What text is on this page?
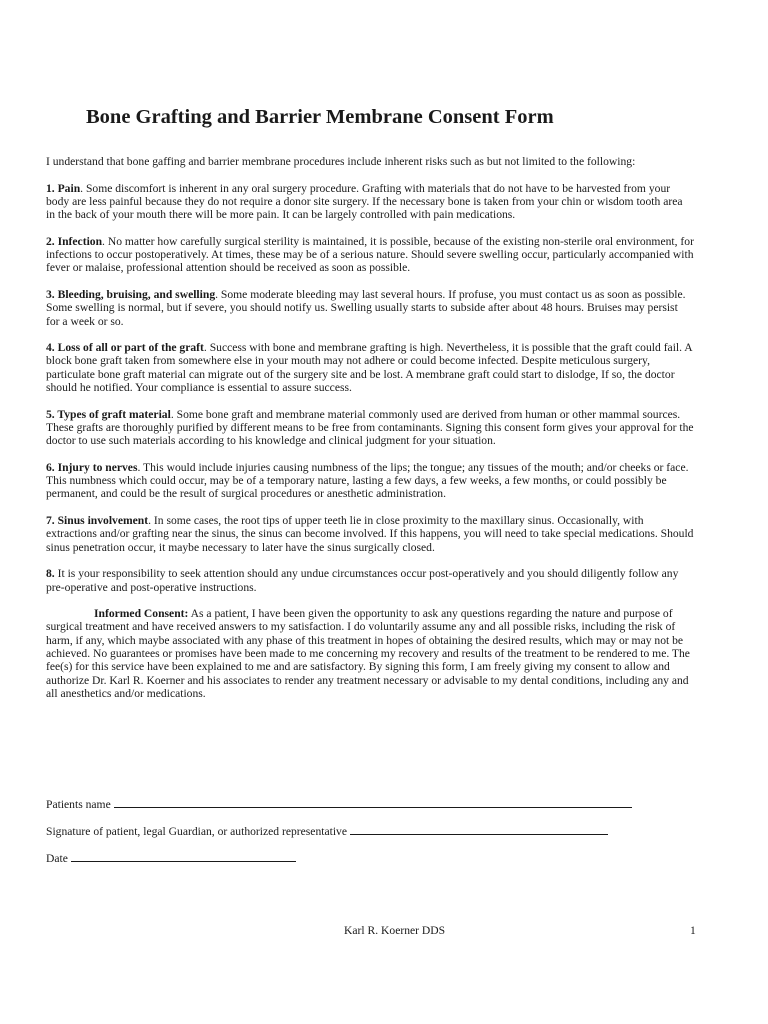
Bone Grafting and Barrier Membrane Consent Form

I understand that bone gaffing and barrier membrane procedures include inherent risks such as but not limited to the following:

1. Pain. Some discomfort is inherent in any oral surgery procedure. Grafting with materials that do not have to be harvested from your body are less painful because they do not require a donor site surgery. If the necessary bone is taken from your chin or wisdom tooth area in the back of your mouth there will be more pain. It can be largely controlled with pain medications.

2. Infection. No matter how carefully surgical sterility is maintained, it is possible, because of the existing non-sterile oral environment, for infections to occur postoperatively. At times, these may be of a serious nature. Should severe swelling occur, particularly accompanied with fever or malaise, professional attention should be received as soon as possible.

3. Bleeding, bruising, and swelling. Some moderate bleeding may last several hours. If profuse, you must contact us as soon as possible. Some swelling is normal, but if severe, you should notify us. Swelling usually starts to subside after about 48 hours. Bruises may persist for a week or so.

4. Loss of all or part of the graft. Success with bone and membrane grafting is high. Nevertheless, it is possible that the graft could fail. A block bone graft taken from somewhere else in your mouth may not adhere or could become infected. Despite meticulous surgery, particulate bone graft material can migrate out of the surgery site and be lost. A membrane graft could start to dislodge, If so, the doctor should he notified. Your compliance is essential to assure success.

5. Types of graft material. Some bone graft and membrane material commonly used are derived from human or other mammal sources. These grafts are thoroughly purified by different means to be free from contaminants. Signing this consent form gives your approval for the doctor to use such materials according to his knowledge and clinical judgment for your situation.

6. Injury to nerves. This would include injuries causing numbness of the lips; the tongue; any tissues of the mouth; and/or cheeks or face. This numbness which could occur, may be of a temporary nature, lasting a few days, a few weeks, a few months, or could possibly be permanent, and could be the result of surgical procedures or anesthetic administration.

7. Sinus involvement. In some cases, the root tips of upper teeth lie in close proximity to the maxillary sinus. Occasionally, with extractions and/or grafting near the sinus, the sinus can become involved. If this happens, you will need to take special medications. Should sinus penetration occur, it maybe necessary to later have the sinus surgically closed.

8. It is your responsibility to seek attention should any undue circumstances occur post-operatively and you should diligently follow any pre-operative and post-operative instructions.

Informed Consent: As a patient, I have been given the opportunity to ask any questions regarding the nature and purpose of surgical treatment and have received answers to my satisfaction. I do voluntarily assume any and all possible risks, including the risk of harm, if any, which maybe associated with any phase of this treatment in hopes of obtaining the desired results, which may or may not be achieved. No guarantees or promises have been made to me concerning my recovery and results of the treatment to be rendered to me. The fee(s) for this service have been explained to me and are satisfactory. By signing this form, I am freely giving my consent to allow and authorize Dr. Karl R. Koerner and his associates to render any treatment necessary or advisable to my dental conditions, including any and all anesthetics and/or medications.

Patients name
Signature of patient, legal Guardian, or authorized representative
Date
Karl R. Koerner DDS	1
